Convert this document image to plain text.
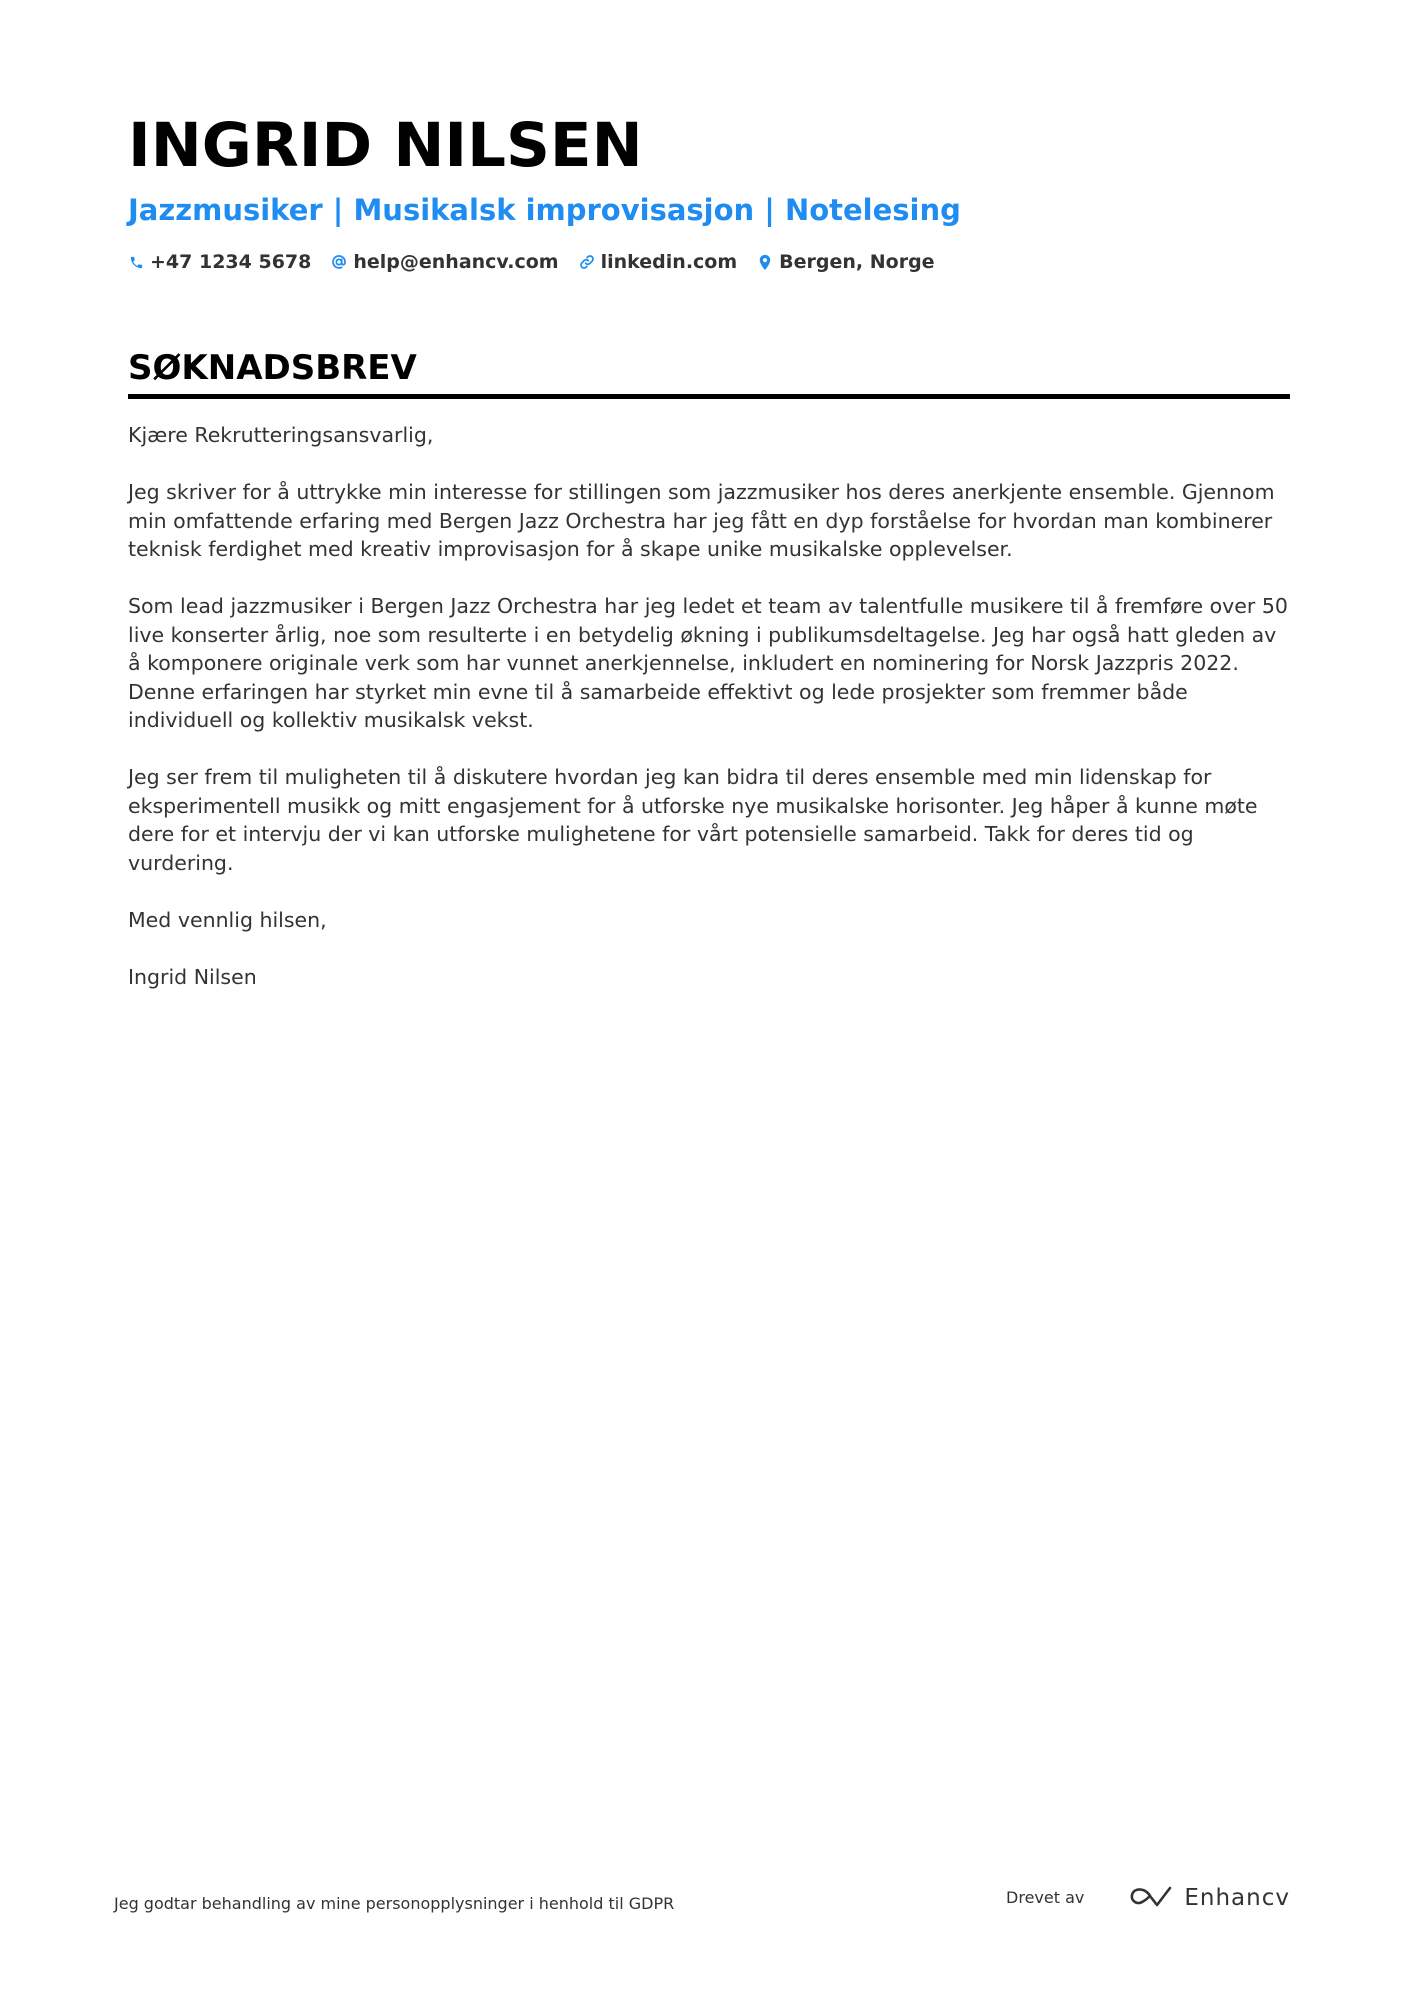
INGRID NILSEN
Jazzmusiker | Musikalsk improvisasjon | Notelesing
+47 1234 5678 help@enhancv.com linkedin.com Bergen, Norge
SØKNADSBREV

Kjære Rekrutteringsansvarlig,

Jeg skriver for å uttrykke min interesse for stillingen som jazzmusiker hos deres anerkjente ensemble. Gjennom min omfattende erfaring med Bergen Jazz Orchestra har jeg fått en dyp forståelse for hvordan man kombinerer teknisk ferdighet med kreativ improvisasjon for å skape unike musikalske opplevelser.

Som lead jazzmusiker i Bergen Jazz Orchestra har jeg ledet et team av talentfulle musikere til å fremføre over 50 live konserter årlig, noe som resulterte i en betydelig økning i publikumsdeltagelse. Jeg har også hatt gleden av å komponere originale verk som har vunnet anerkjennelse, inkludert en nominering for Norsk Jazzpris 2022. Denne erfaringen har styrket min evne til å samarbeide effektivt og lede prosjekter som fremmer både individuell og kollektiv musikalsk vekst.

Jeg ser frem til muligheten til å diskutere hvordan jeg kan bidra til deres ensemble med min lidenskap for eksperimentell musikk og mitt engasjement for å utforske nye musikalske horisonter. Jeg håper å kunne møte dere for et intervju der vi kan utforske mulighetene for vårt potensielle samarbeid. Takk for deres tid og vurdering.

Med vennlig hilsen,

Ingrid Nilsen

Jeg godtar behandling av mine personopplysninger i henhold til GDPR	Drevet av	Enhancv
